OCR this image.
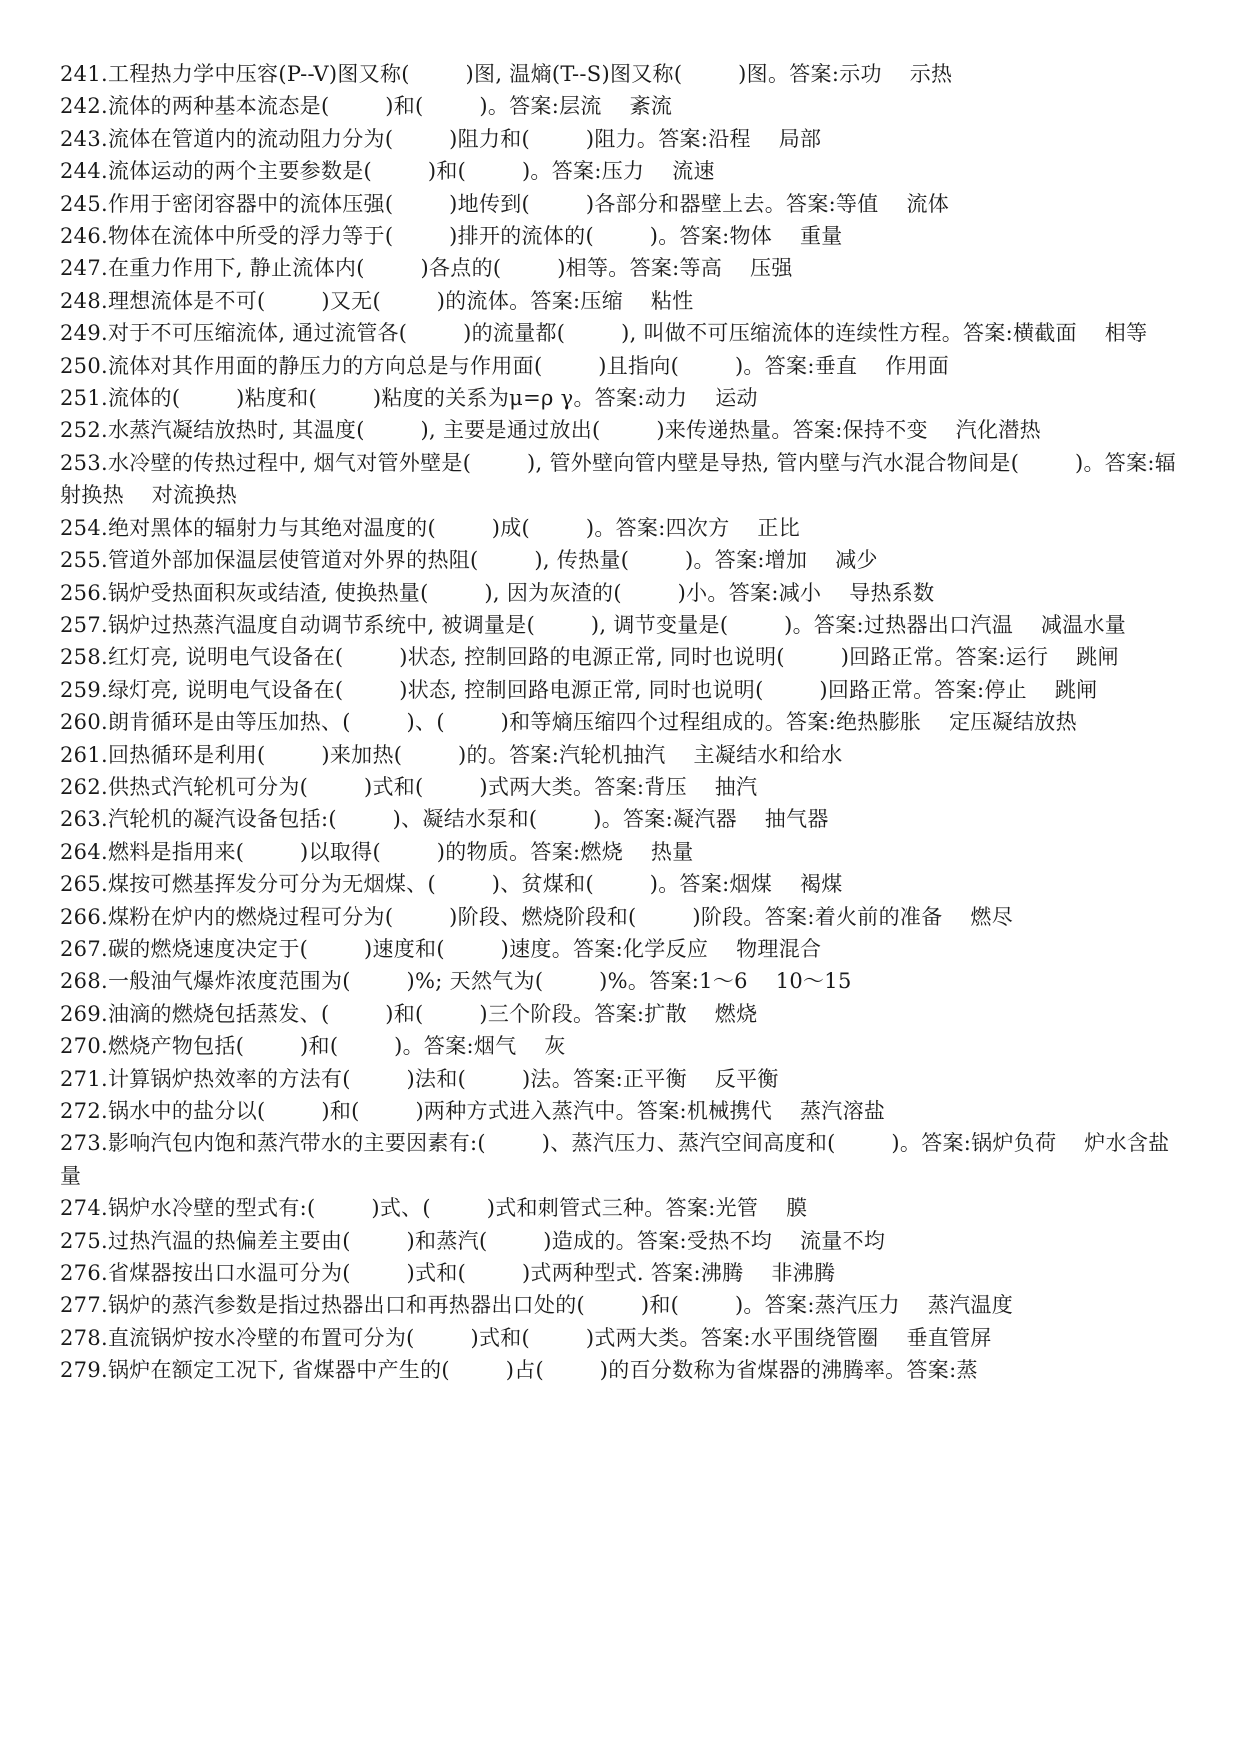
241.工程热力学中压容(P--V)图又称(        )图, 温熵(T--S)图又称(        )图。答案:示功    示热
242.流体的两种基本流态是(        )和(        )。答案:层流    紊流
243.流体在管道内的流动阻力分为(        )阻力和(        )阻力。答案:沿程    局部
244.流体运动的两个主要参数是(        )和(        )。答案:压力    流速
245.作用于密闭容器中的流体压强(        )地传到(        )各部分和器壁上去。答案:等值    流体
246.物体在流体中所受的浮力等于(        )排开的流体的(        )。答案:物体    重量
247.在重力作用下, 静止流体内(        )各点的(        )相等。答案:等高    压强
248.理想流体是不可(        )又无(        )的流体。答案:压缩    粘性
249.对于不可压缩流体, 通过流管各(        )的流量都(        ), 叫做不可压缩流体的连续性方程。答案:横截面    相等
250.流体对其作用面的静压力的方向总是与作用面(        )且指向(        )。答案:垂直    作用面
251.流体的(        )粘度和(        )粘度的关系为μ=ρ γ。答案:动力    运动
252.水蒸汽凝结放热时, 其温度(        ), 主要是通过放出(        )来传递热量。答案:保持不变    汽化潜热
253.水冷壁的传热过程中, 烟气对管外壁是(        ), 管外壁向管内壁是导热, 管内壁与汽水混合物间是(        )。答案:辐射换热    对流换热
254.绝对黑体的辐射力与其绝对温度的(        )成(        )。答案:四次方    正比
255.管道外部加保温层使管道对外界的热阻(        ), 传热量(        )。答案:增加    减少
256.锅炉受热面积灰或结渣, 使换热量(        ), 因为灰渣的(        )小。答案:减小    导热系数
257.锅炉过热蒸汽温度自动调节系统中, 被调量是(        ), 调节变量是(        )。答案:过热器出口汽温    减温水量
258.红灯亮, 说明电气设备在(        )状态, 控制回路的电源正常, 同时也说明(        )回路正常。答案:运行    跳闸
259.绿灯亮, 说明电气设备在(        )状态, 控制回路电源正常, 同时也说明(        )回路正常。答案:停止    跳闸
260.朗肯循环是由等压加热、(        )、(        )和等熵压缩四个过程组成的。答案:绝热膨胀    定压凝结放热
261.回热循环是利用(        )来加热(        )的。答案:汽轮机抽汽    主凝结水和给水
262.供热式汽轮机可分为(        )式和(        )式两大类。答案:背压    抽汽
263.汽轮机的凝汽设备包括:(        )、凝结水泵和(        )。答案:凝汽器    抽气器
264.燃料是指用来(        )以取得(        )的物质。答案:燃烧    热量
265.煤按可燃基挥发分可分为无烟煤、(        )、贫煤和(        )。答案:烟煤    褐煤
266.煤粉在炉内的燃烧过程可分为(        )阶段、燃烧阶段和(        )阶段。答案:着火前的准备    燃尽
267.碳的燃烧速度决定于(        )速度和(        )速度。答案:化学反应    物理混合
268.一般油气爆炸浓度范围为(        )%; 天然气为(        )%。答案:1～6    10～15
269.油滴的燃烧包括蒸发、(        )和(        )三个阶段。答案:扩散    燃烧
270.燃烧产物包括(        )和(        )。答案:烟气    灰
271.计算锅炉热效率的方法有(        )法和(        )法。答案:正平衡    反平衡
272.锅水中的盐分以(        )和(        )两种方式进入蒸汽中。答案:机械携代    蒸汽溶盐
273.影响汽包内饱和蒸汽带水的主要因素有:(        )、蒸汽压力、蒸汽空间高度和(        )。答案:锅炉负荷    炉水含盐量
274.锅炉水冷壁的型式有:(        )式、(        )式和刺管式三种。答案:光管    膜
275.过热汽温的热偏差主要由(        )和蒸汽(        )造成的。答案:受热不均    流量不均
276.省煤器按出口水温可分为(        )式和(        )式两种型式. 答案:沸腾    非沸腾
277.锅炉的蒸汽参数是指过热器出口和再热器出口处的(        )和(        )。答案:蒸汽压力    蒸汽温度
278.直流锅炉按水冷壁的布置可分为(        )式和(        )式两大类。答案:水平围绕管圈    垂直管屏
279.锅炉在额定工况下, 省煤器中产生的(        )占(        )的百分数称为省煤器的沸腾率。答案:蒸
